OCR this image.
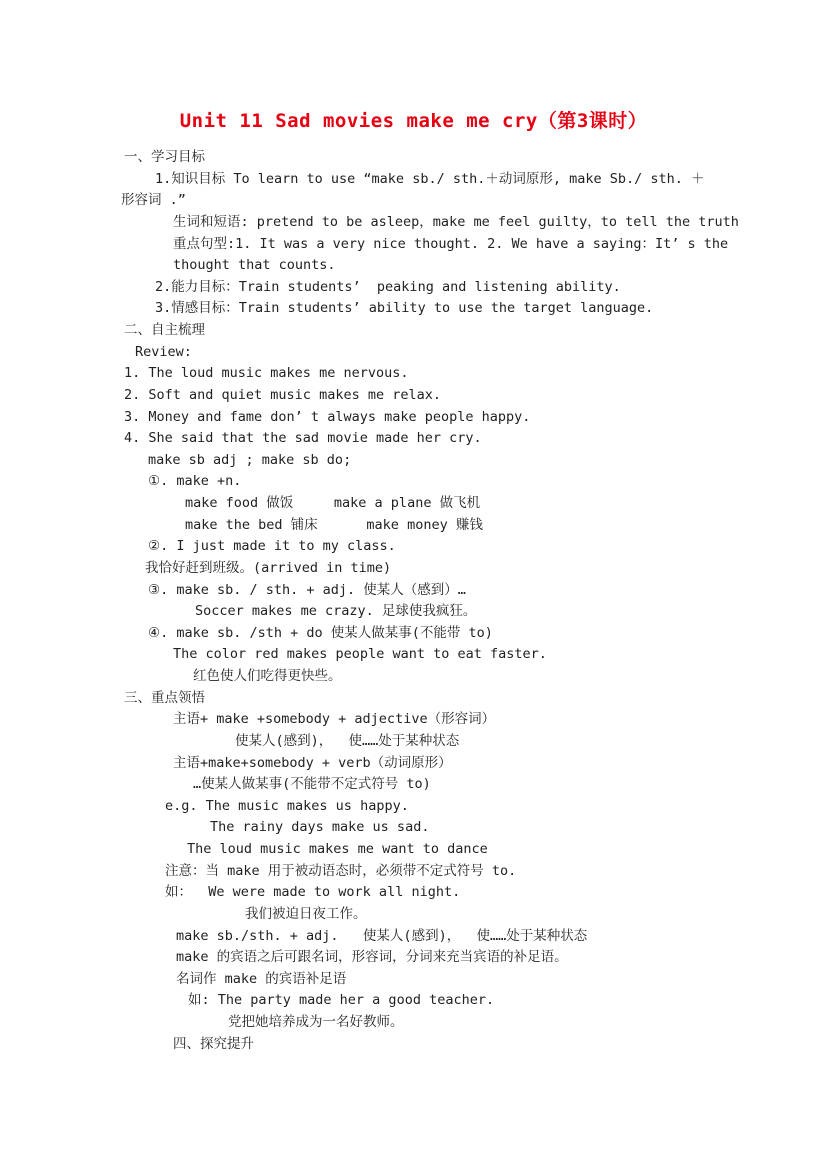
Unit 11 Sad movies make me cry（第3课时）
一、学习目标
1.知识目标 To learn to use “make sb./ sth.＋动词原形, make Sb./ sth. ＋
形容词 .”
生词和短语: pretend to be asleep，make me feel guilty，to tell the truth
重点句型:1. It was a very nice thought. 2. We have a saying：It’ s the
thought that counts.
2.能力目标：Train students’  peaking and listening ability.
3.情感目标：Train students’ ability to use the target language.
二、自主梳理
Review:
1. The loud music makes me nervous.
2. Soft and quiet music makes me relax.
3. Money and fame don’ t always make people happy.
4. She said that the sad movie made her cry.
make sb adj ; make sb do;
①. make +n.
make food 做饭     make a plane 做飞机
make the bed 铺床      make money 赚钱
②. I just made it to my class.
我恰好赶到班级。(arrived in time)
③. make sb. / sth. + adj. 使某人（感到）…
Soccer makes me crazy. 足球使我疯狂。
④. make sb. /sth + do 使某人做某事(不能带 to)
The color red makes people want to eat faster.
红色使人们吃得更快些。
三、重点领悟
主语+ make +somebody + adjective（形容词）
使某人(感到)，  使……处于某种状态
主语+make+somebody + verb（动词原形）
…使某人做某事(不能带不定式符号 to)
e.g. The music makes us happy.
The rainy days make us sad.
The loud music makes me want to dance
注意：当 make 用于被动语态时，必须带不定式符号 to.
如：  We were made to work all night.
我们被迫日夜工作。
make sb./sth. + adj.   使某人(感到)，  使……处于某种状态
make 的宾语之后可跟名词，形容词，分词来充当宾语的补足语。
名词作 make 的宾语补足语
如: The party made her a good teacher.
党把她培养成为一名好教师。
四、探究提升
